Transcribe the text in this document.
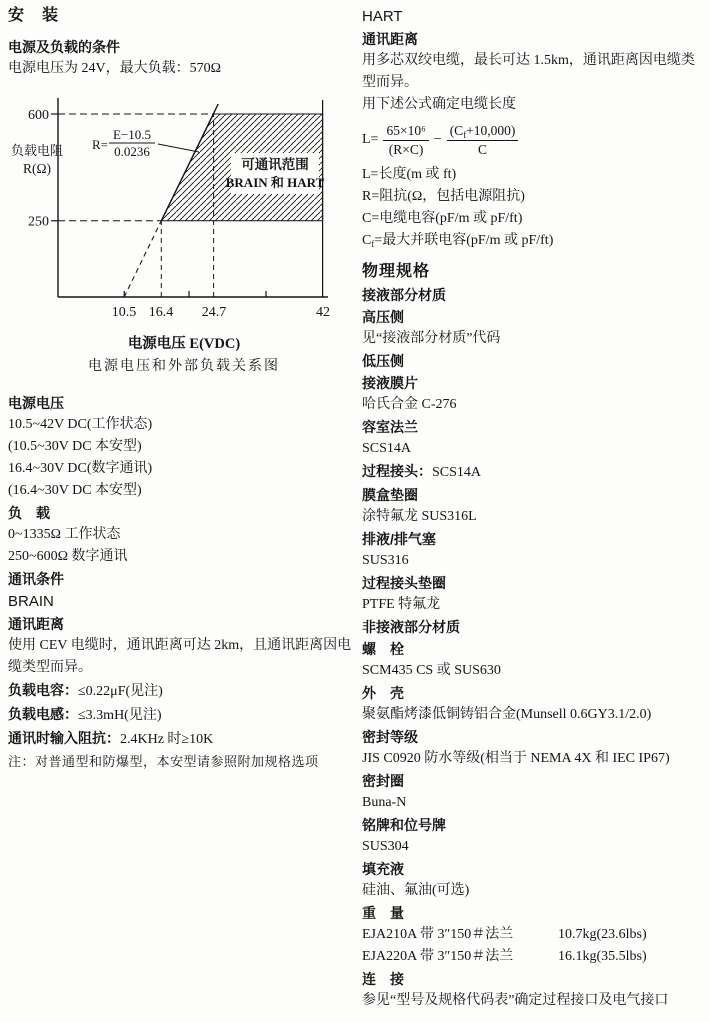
安　装
电源及负载的条件

电源电压为 24V，最大负载：570Ω

R=
E−10.5
0.0236
可通讯范围
BRAIN 和 HART
600
250
负载电阻
R(Ω)
10.5 16.4 24.7	42
电源电压 E(VDC)
电源电压和外部负载关系图
电源电压
10.5~42V DC(工作状态)
(10.5~30V DC 本安型)
16.4~30V DC(数字通讯)
(16.4~30V DC 本安型)
负　载
0~1335Ω 工作状态
250~600Ω 数字通讯
通讯条件
BRAIN
通讯距离
使用 CEV 电缆时，通讯距离可达 2km，且通讯距离因电缆类型而异。
负载电容：≤0.22μF(见注)
负载电感：≤3.3mH(见注)
通讯时输入阻抗：2.4KHz 时≥10K
注：对普通型和防爆型，本安型请参照附加规格选项
HART
通讯距离
用多芯双绞电缆，最长可达 1.5km，通讯距离因电缆类型而异。
用下述公式确定电缆长度
$L= \frac{\text{65×10⁶}}{(R\times C)} - \frac{(C_f+10,000)}{C}$
L=长度(m 或 ft)
R=阻抗(Ω，包括电源阻抗)
C=电缆电容(pF/m 或 pF/ft)
$C_f=$最大并联电容(pF/m 或 pF/ft)
物理规格
接液部分材质
高压侧
见“接液部分材质”代码
低压侧
接液膜片
哈氏合金 C-276
容室法兰
SCS14A
过程接头：SCS14A
膜盒垫圈
涂特氟龙 SUS316L
排液/排气塞
SUS316
过程接头垫圈
PTFE 特氟龙
非接液部分材质
螺　栓
SCM435 CS 或 SUS630
外　壳
聚氨酯烤漆低铜铸铝合金(Munsell 0.6GY3.1/2.0)
密封等级
JIS C0920 防水等级(相当于 NEMA 4X 和 IEC IP67)
密封圈
Buna-N
铭牌和位号牌
SUS304
填充液
硅油、氟油(可选)
重　量
EJA210A 带 3″150＃法兰	10.7kg(23.6lbs)
EJA220A 带 3″150＃法兰	16.1kg(35.5lbs)
连　接
参见“型号及规格代码表”确定过程接口及电气接口
